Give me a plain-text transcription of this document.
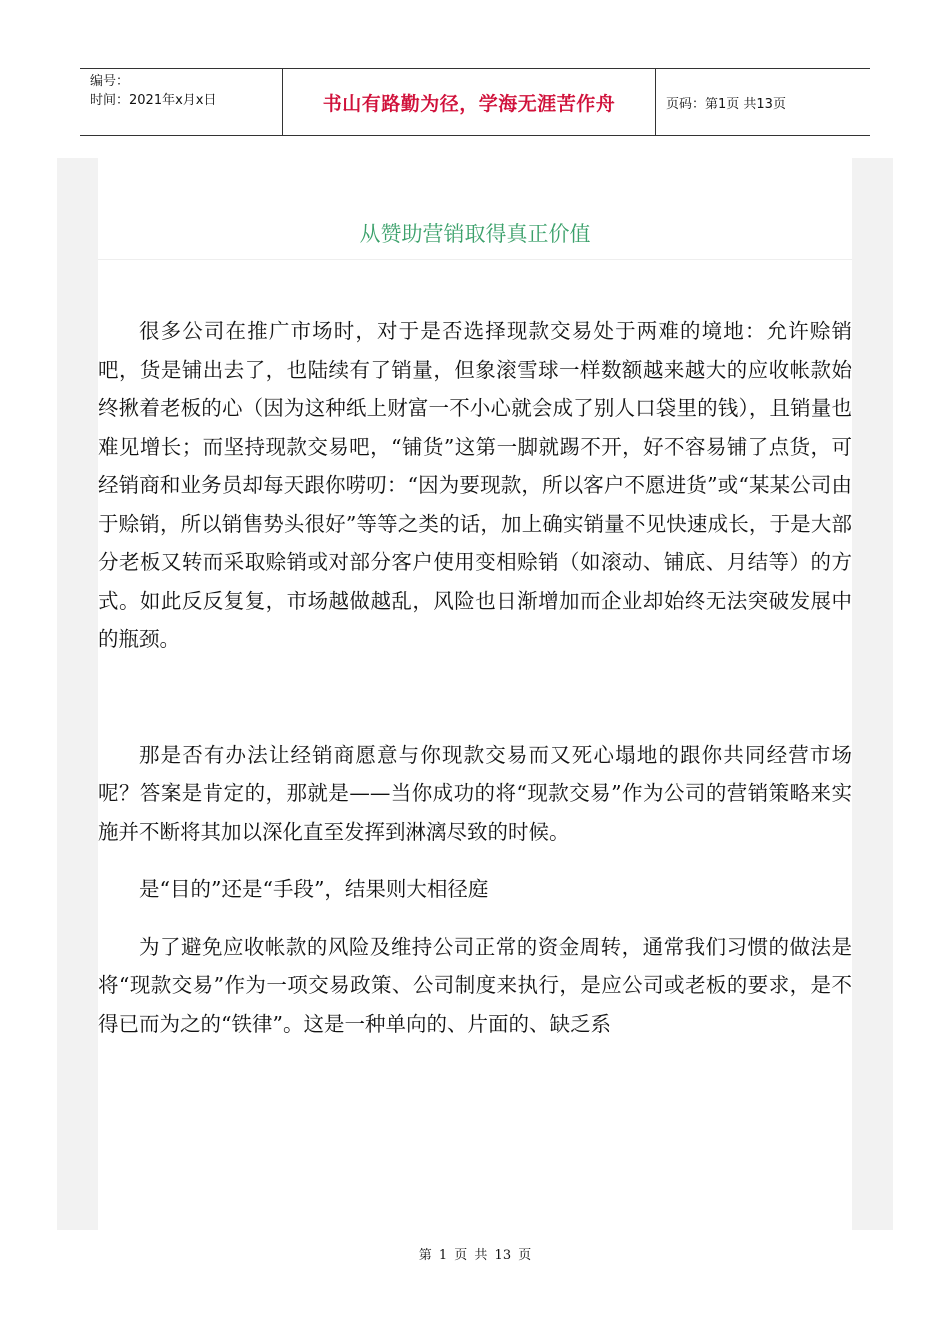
编号：
时间：2021年x月x日	书山有路勤为径，学海无涯苦作舟	页码：第1页 共13页
从赞助营销取得真正价值

很多公司在推广市场时，对于是否选择现款交易处于两难的境地：允许赊销吧，货是铺出去了，也陆续有了销量，但象滚雪球一样数额越来越大的应收帐款始终揪着老板的心（因为这种纸上财富一不小心就会成了别人口袋里的钱），且销量也难见增长；而坚持现款交易吧，“铺货”这第一脚就踢不开，好不容易铺了点货，可经销商和业务员却每天跟你唠叨：“因为要现款，所以客户不愿进货”或“某某公司由于赊销，所以销售势头很好”等等之类的话，加上确实销量不见快速成长，于是大部分老板又转而采取赊销或对部分客户使用变相赊销（如滚动、铺底、月结等）的方式。如此反反复复，市场越做越乱，风险也日渐增加而企业却始终无法突破发展中的瓶颈。

那是否有办法让经销商愿意与你现款交易而又死心塌地的跟你共同经营市场呢？答案是肯定的，那就是——当你成功的将“现款交易”作为公司的营销策略来实施并不断将其加以深化直至发挥到淋漓尽致的时候。

是“目的”还是“手段”，结果则大相径庭

为了避免应收帐款的风险及维持公司正常的资金周转，通常我们习惯的做法是将“现款交易”作为一项交易政策、公司制度来执行，是应公司或老板的要求，是不得已而为之的“铁律”。这是一种单向的、片面的、缺乏系

第 1 页 共 13 页
